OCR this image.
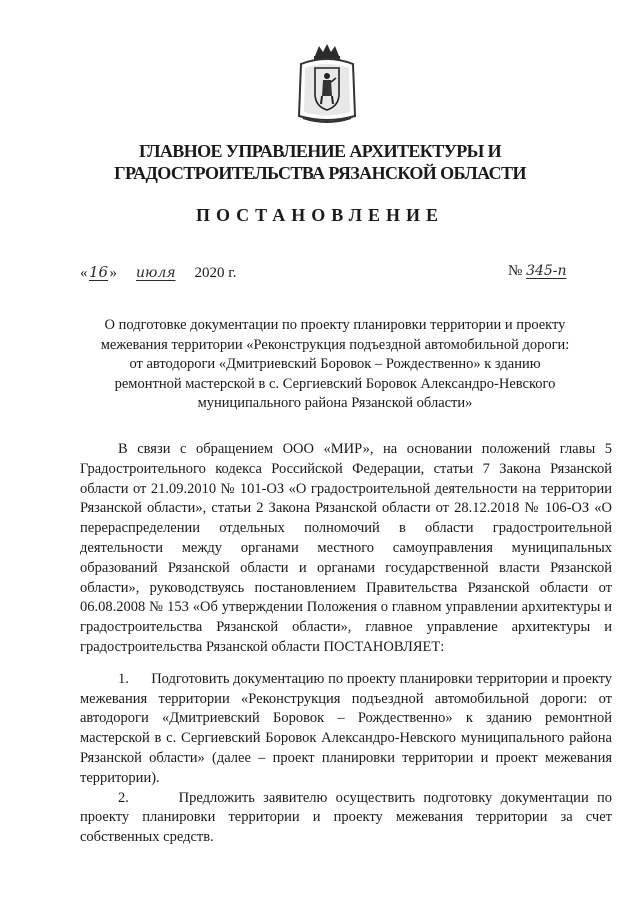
ГЛАВНОЕ УПРАВЛЕНИЕ АРХИТЕКТУРЫ И ГРАДОСТРОИТЕЛЬСТВА РЯЗАНСКОЙ ОБЛАСТИ
ПОСТАНОВЛЕНИЕ
«16» июля 2020 г.	№ 345-п
О подготовке документации по проекту планировки территории и проекту межевания территории «Реконструкция подъездной автомобильной дороги: от автодороги «Дмитриевский Боровок – Рождественно» к зданию ремонтной мастерской в с. Сергиевский Боровок Александро-Невского муниципального района Рязанской области»

В связи с обращением ООО «МИР», на основании положений главы 5 Градостроительного кодекса Российской Федерации, статьи 7 Закона Рязанской области от 21.09.2010 № 101-ОЗ «О градостроительной деятельности на территории Рязанской области», статьи 2 Закона Рязанской области от 28.12.2018 № 106-ОЗ «О перераспределении отдельных полномочий в области градостроительной деятельности между органами местного самоуправления муниципальных образований Рязанской области и органами государственной власти Рязанской области», руководствуясь постановлением Правительства Рязанской области от 06.08.2008 № 153 «Об утверждении Положения о главном управлении архитектуры и градостроительства Рязанской области», главное управление архитектуры и градостроительства Рязанской области ПОСТАНОВЛЯЕТ:

1. Подготовить документацию по проекту планировки территории и проекту межевания территории «Реконструкция подъездной автомобильной дороги: от автодороги «Дмитриевский Боровок – Рождественно» к зданию ремонтной мастерской в с. Сергиевский Боровок Александро-Невского муниципального района Рязанской области» (далее – проект планировки территории и проект межевания территории).

2.	Предложить заявителю осуществить подготовку документации по проекту планировки территории и проекту межевания территории за счет собственных средств.
